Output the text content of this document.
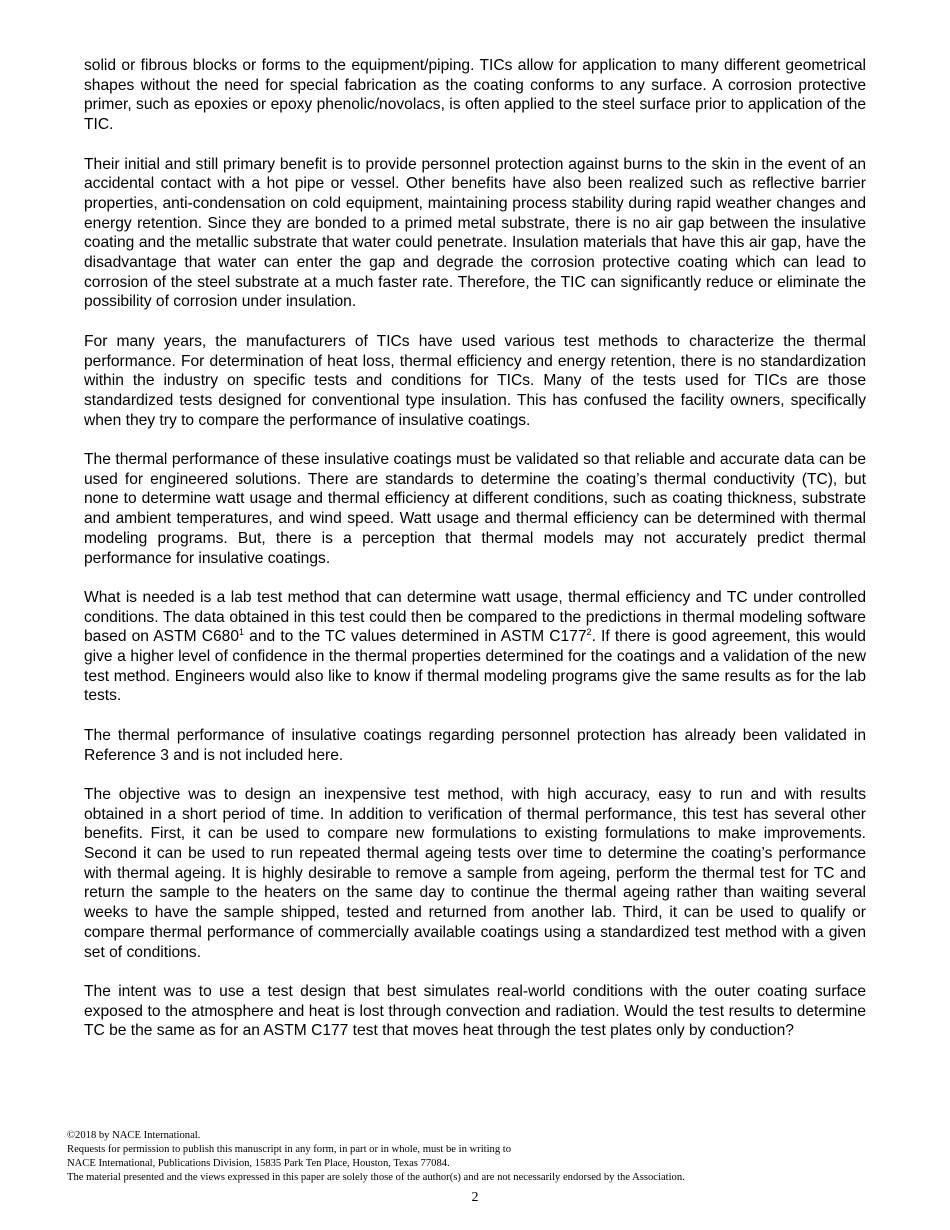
solid or fibrous blocks or forms to the equipment/piping. TICs allow for application to many different geometrical shapes without the need for special fabrication as the coating conforms to any surface. A corrosion protective primer, such as epoxies or epoxy phenolic/novolacs, is often applied to the steel surface prior to application of the TIC.

Their initial and still primary benefit is to provide personnel protection against burns to the skin in the event of an accidental contact with a hot pipe or vessel. Other benefits have also been realized such as reflective barrier properties, anti-condensation on cold equipment, maintaining process stability during rapid weather changes and energy retention. Since they are bonded to a primed metal substrate, there is no air gap between the insulative coating and the metallic substrate that water could penetrate. Insulation materials that have this air gap, have the disadvantage that water can enter the gap and degrade the corrosion protective coating which can lead to corrosion of the steel substrate at a much faster rate. Therefore, the TIC can significantly reduce or eliminate the possibility of corrosion under insulation.

For many years, the manufacturers of TICs have used various test methods to characterize the thermal performance. For determination of heat loss, thermal efficiency and energy retention, there is no standardization within the industry on specific tests and conditions for TICs. Many of the tests used for TICs are those standardized tests designed for conventional type insulation. This has confused the facility owners, specifically when they try to compare the performance of insulative coatings.

The thermal performance of these insulative coatings must be validated so that reliable and accurate data can be used for engineered solutions. There are standards to determine the coating’s thermal conductivity (TC), but none to determine watt usage and thermal efficiency at different conditions, such as coating thickness, substrate and ambient temperatures, and wind speed. Watt usage and thermal efficiency can be determined with thermal modeling programs. But, there is a perception that thermal models may not accurately predict thermal performance for insulative coatings.

What is needed is a lab test method that can determine watt usage, thermal efficiency and TC under controlled conditions. The data obtained in this test could then be compared to the predictions in thermal modeling software based on ASTM $C680^1$ and to the TC values determined in ASTM $C177^2$. If there is good agreement, this would give a higher level of confidence in the thermal properties determined for the coatings and a validation of the new test method. Engineers would also like to know if thermal modeling programs give the same results as for the lab tests.

The thermal performance of insulative coatings regarding personnel protection has already been validated in Reference 3 and is not included here.

The objective was to design an inexpensive test method, with high accuracy, easy to run and with results obtained in a short period of time. In addition to verification of thermal performance, this test has several other benefits. First, it can be used to compare new formulations to existing formulations to make improvements. Second it can be used to run repeated thermal ageing tests over time to determine the coating’s performance with thermal ageing. It is highly desirable to remove a sample from ageing, perform the thermal test for TC and return the sample to the heaters on the same day to continue the thermal ageing rather than waiting several weeks to have the sample shipped, tested and returned from another lab. Third, it can be used to qualify or compare thermal performance of commercially available coatings using a standardized test method with a given set of conditions.

The intent was to use a test design that best simulates real-world conditions with the outer coating surface exposed to the atmosphere and heat is lost through convection and radiation. Would the test results to determine TC be the same as for an ASTM C177 test that moves heat through the test plates only by conduction?

©2018 by NACE International.
Requests for permission to publish this manuscript in any form, in part or in whole, must be in writing to
NACE International, Publications Division, 15835 Park Ten Place, Houston, Texas 77084.
The material presented and the views expressed in this paper are solely those of the author(s) and are not necessarily endorsed by the Association.
2
